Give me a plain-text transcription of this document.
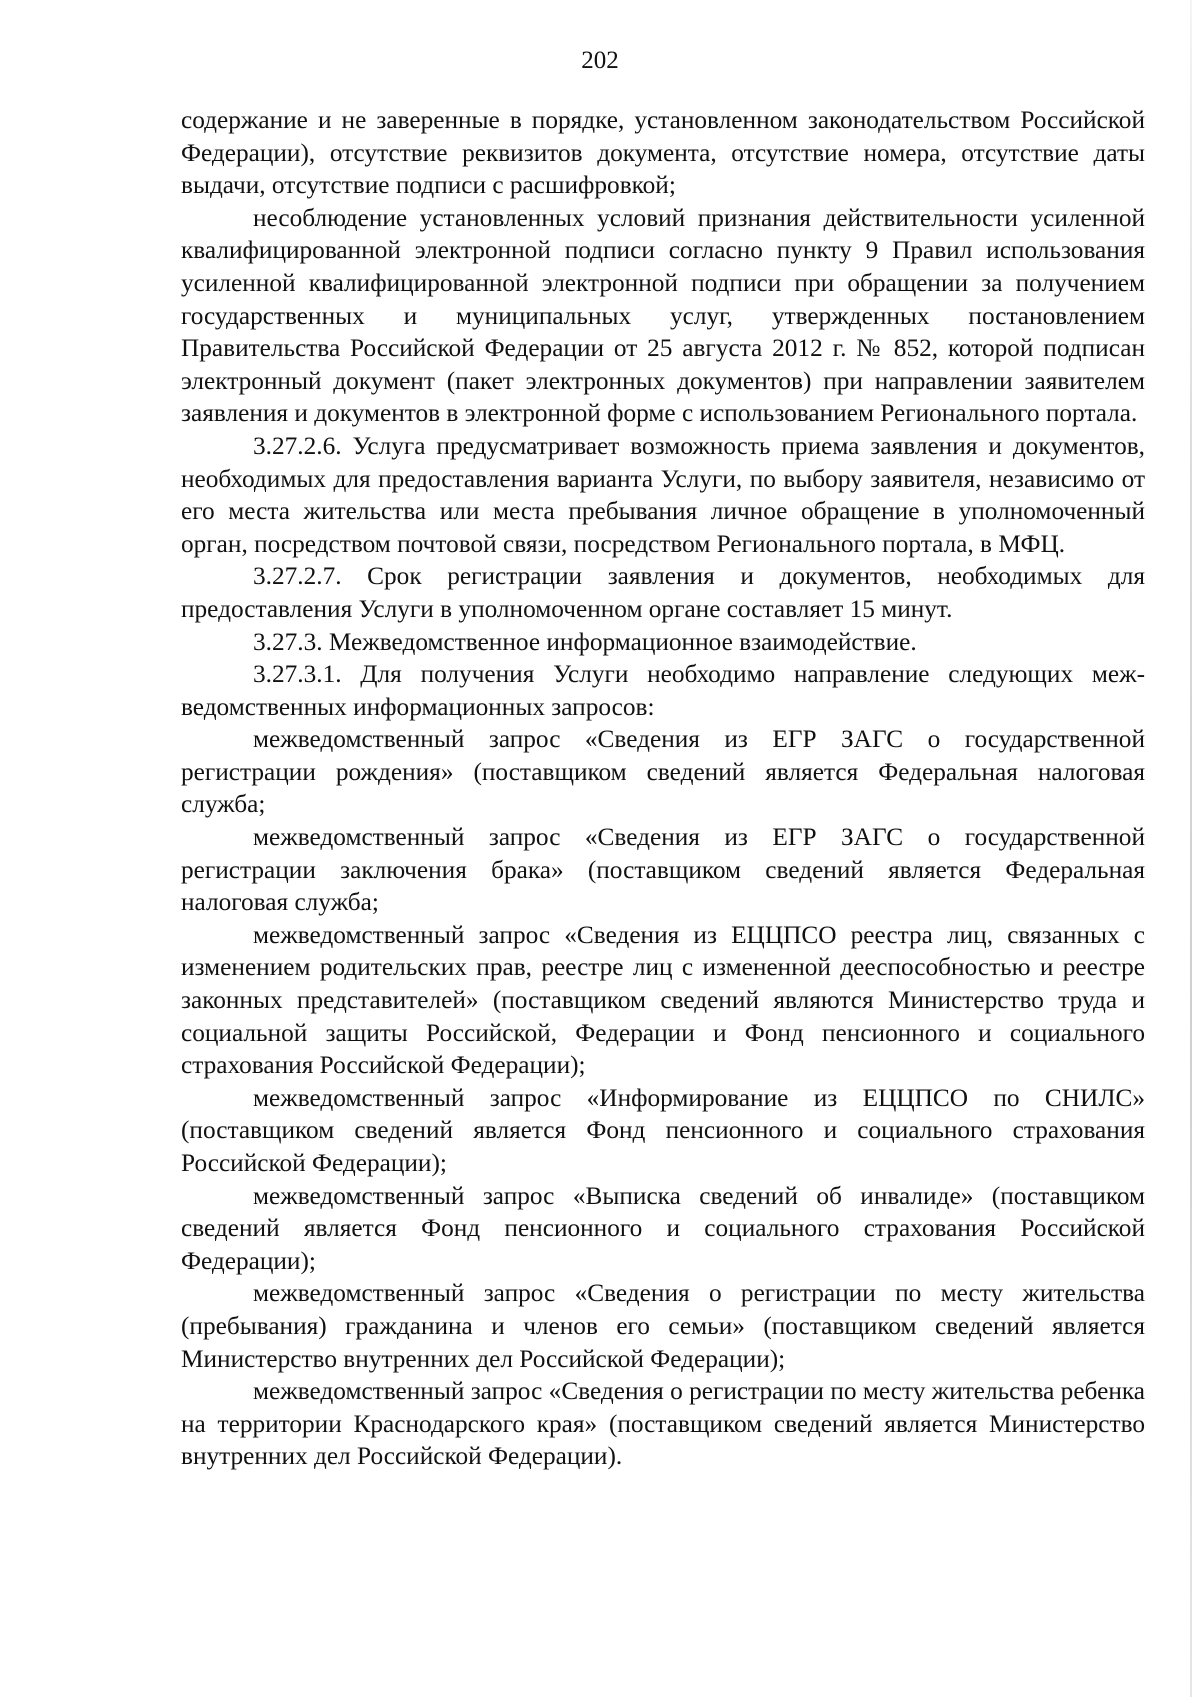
202

содержание и не заверенные в порядке, установленном законодательством Российской Федерации), отсутствие реквизитов документа, отсутствие номера, отсутствие даты выдачи, отсутствие подписи с расшифровкой;

несоблюдение установленных условий признания действительности усиленной квалифицированной электронной подписи согласно пункту 9 Правил использования усиленной квалифицированной электронной подписи при обращении за получением государственных и муниципальных услуг, утвержденных постановлением Правительства Российской Федерации от 25 августа 2012 г. № 852, которой подписан электронный документ (пакет электронных документов) при направлении заявителем заявления и документов в электронной форме с использованием Регионального портала.

3.27.2.6. Услуга предусматривает возможность приема заявления и документов, необходимых для предоставления варианта Услуги, по выбору заявителя, независимо от его места жительства или места пребывания личное обращение в уполномоченный орган, посредством почтовой связи, посредством Регионального портала, в МФЦ.

3.27.2.7. Срок регистрации заявления и документов, необходимых для предоставления Услуги в уполномоченном органе составляет 15 минут.

3.27.3. Межведомственное информационное взаимодействие.

3.27.3.1. Для получения Услуги необходимо направление следующих межведомственных информационных запросов:

межведомственный запрос «Сведения из ЕГР ЗАГС о государственной регистрации рождения» (поставщиком сведений является Федеральная налоговая служба;

межведомственный запрос «Сведения из ЕГР ЗАГС о государственной регистрации заключения брака» (поставщиком сведений является Федеральная налоговая служба;

межведомственный запрос «Сведения из ЕЦЦПСО реестра лиц, связанных с изменением родительских прав, реестре лиц с измененной дееспособностью и реестре законных представителей» (поставщиком сведений являются Министерство труда и социальной защиты Российской, Федерации и Фонд пенсионного и социального страхования Российской Федерации);

межведомственный запрос «Информирование из ЕЦЦПСО по СНИЛС» (поставщиком сведений является Фонд пенсионного и социального страхования Российской Федерации);

межведомственный запрос «Выписка сведений об инвалиде» (поставщиком сведений является Фонд пенсионного и социального страхования Российской Федерации);

межведомственный запрос «Сведения о регистрации по месту жительства (пребывания) гражданина и членов его семьи» (поставщиком сведений является Министерство внутренних дел Российской Федерации);

межведомственный запрос «Сведения о регистрации по месту жительства ребенка на территории Краснодарского края» (поставщиком сведений является Министерство внутренних дел Российской Федерации).
